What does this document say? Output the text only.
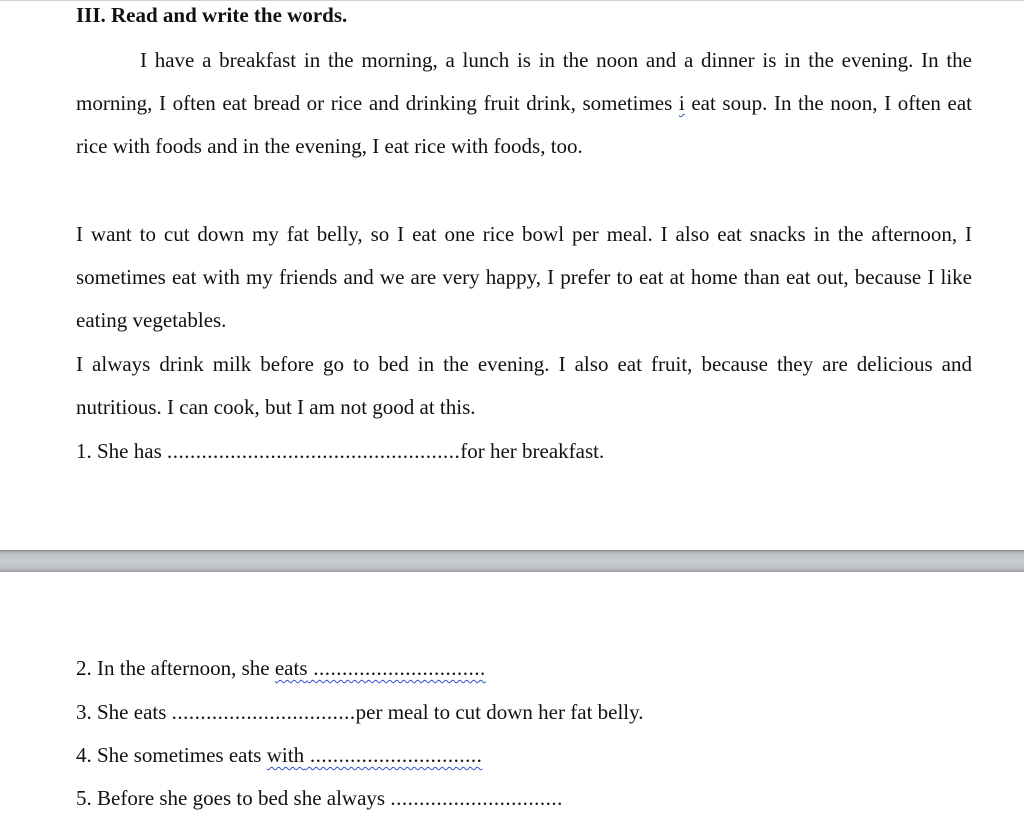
III. Read and write the words.

I have a breakfast in the morning, a lunch is in the noon and a dinner is in the evening. In the morning, I often eat bread or rice and drinking fruit drink, sometimes i eat soup. In the noon, I often eat rice with foods and in the evening, I eat rice with foods, too.

I want to cut down my fat belly, so I eat one rice bowl per meal. I also eat snacks in the afternoon, I sometimes eat with my friends and we are very happy, I prefer to eat at home than eat out, because I like eating vegetables.

I always drink milk before go to bed in the evening. I also eat fruit, because they are delicious and nutritious. I can cook, but I am not good at this.

1. She has ...................................................for her breakfast.
2. In the afternoon, she eats ..............................
3. She eats ................................per meal to cut down her fat belly.
4. She sometimes eats with ..............................
5. Before she goes to bed she always ..............................
